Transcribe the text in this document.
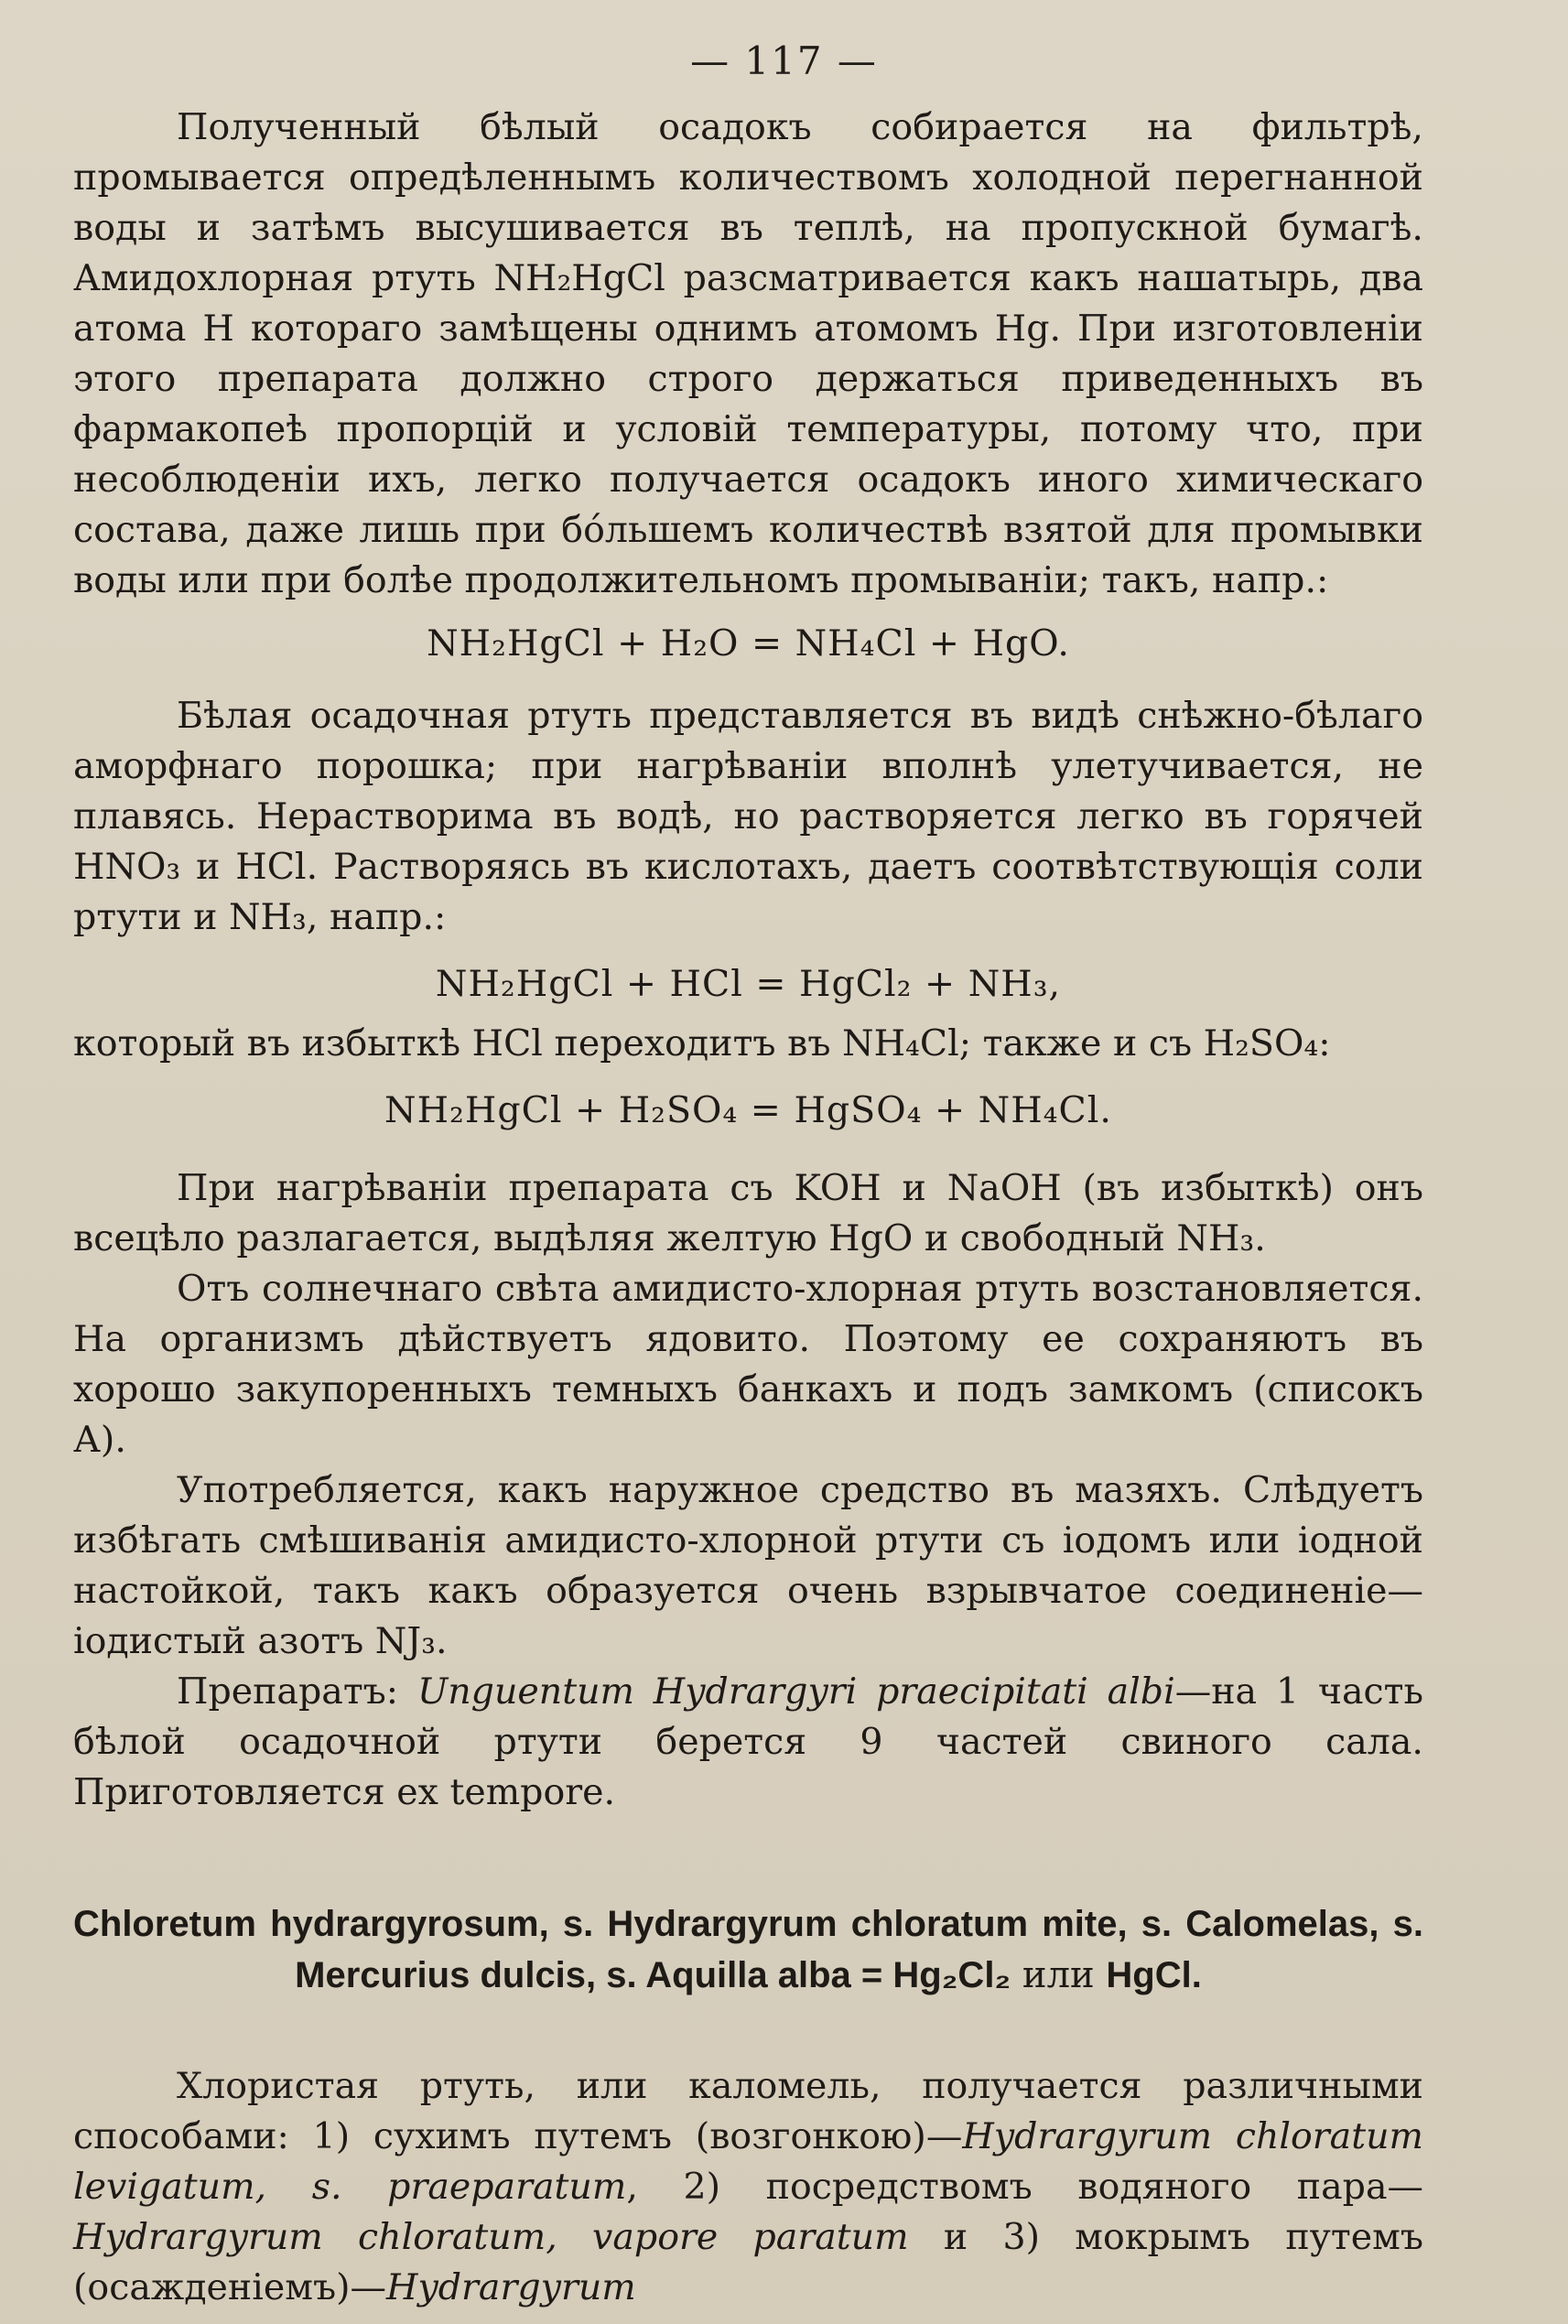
— 117 —

Полученный бѣлый осадокъ собирается на фильтрѣ, промывается опредѣленнымъ количествомъ холодной перегнанной воды и затѣмъ высушивается въ теплѣ, на пропускной бумагѣ. Амидохлорная ртуть NH₂HgCl разсматривается какъ нашатырь, два атома H котораго замѣщены однимъ атомомъ Hg. При изготовленіи этого препарата должно строго держаться приведенныхъ въ фармакопеѣ пропорцій и условій температуры, потому что, при несоблюденіи ихъ, легко получается осадокъ иного химическаго состава, даже лишь при бо́льшемъ количествѣ взятой для промывки воды или при болѣе продолжительномъ промываніи; такъ, напр.:

NH₂HgCl + H₂O = NH₄Cl + HgO.

Бѣлая осадочная ртуть представляется въ видѣ снѣжно-бѣлаго аморфнаго порошка; при нагрѣваніи вполнѣ улетучивается, не плавясь. Нерастворима въ водѣ, но растворяется легко въ горячей HNO₃ и HCl. Растворяясь въ кислотахъ, даетъ соотвѣтствующія соли ртути и NH₃, напр.:

NH₂HgCl + HCl = HgCl₂ + NH₃,

который въ избыткѣ HCl переходитъ въ NH₄Cl; также и съ H₂SO₄:

NH₂HgCl + H₂SO₄ = HgSO₄ + NH₄Cl.

При нагрѣваніи препарата съ KOH и NaOH (въ избыткѣ) онъ всецѣло разлагается, выдѣляя желтую HgO и свободный NH₃.

Отъ солнечнаго свѣта амидисто-хлорная ртуть возстановляется. На организмъ дѣйствуетъ ядовито. Поэтому ее сохраняютъ въ хорошо закупоренныхъ темныхъ банкахъ и подъ замкомъ (списокъ А).

Употребляется, какъ наружное средство въ мазяхъ. Слѣдуетъ избѣгать смѣшиванія амидисто-хлорной ртути съ іодомъ или іодной настойкой, такъ какъ образуется очень взрывчатое соединеніе—іодистый азотъ NJ₃.

Препаратъ: Unguentum Hydrargyri praecipitati albi—на 1 часть бѣлой осадочной ртути берется 9 частей свиного сала. Приготовляется ex tempore.

Chloretum hydrargyrosum, s. Hydrargyrum chloratum mite, s. Calomelas, s. Mercurius dulcis, s. Aquilla alba = Hg₂Cl₂ или HgCl.

Хлористая ртуть, или каломель, получается различными способами: 1) сухимъ путемъ (возгонкою)—Hydrargyrum chloratum levigatum, s. praeparatum, 2) посредствомъ водяного пара—Hydrargyrum chloratum, vapore paratum и 3) мокрымъ путемъ (осажденіемъ)—Hydrargyrum
